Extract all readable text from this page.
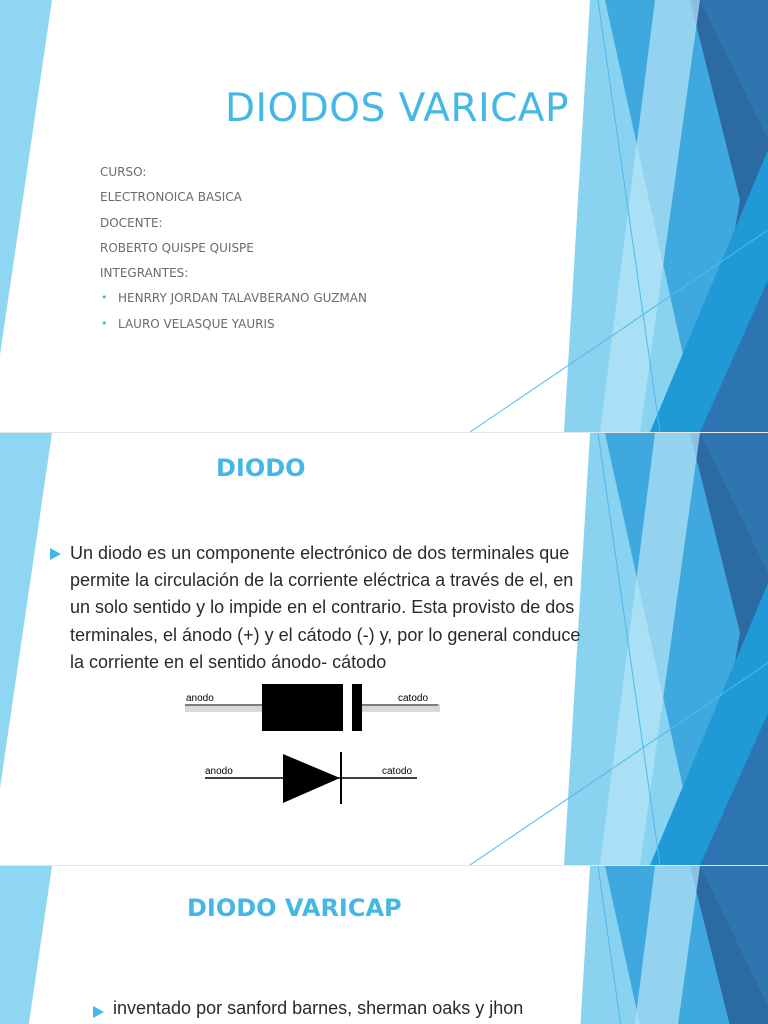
DIODOS VARICAP
CURSO:
ELECTRONOICA BASICA
DOCENTE:
ROBERTO QUISPE QUISPE
INTEGRANTES:
• HENRRY JORDAN TALAVBERANO GUZMAN
• LAURO VELASQUE YAURIS
DIODO

Un diodo es un componente electrónico de dos terminales que permite la circulación de la corriente eléctrica a través de el, en un solo sentido y lo impide en el contrario. Esta provisto de dos terminales, el ánodo (+) y el cátodo (-) y, por lo general conduce la corriente en el sentido ánodo- cátodo

anodo	catodo
anodo	catodo
DIODO VARICAP

inventado por sanford barnes, sherman oaks y jhon
